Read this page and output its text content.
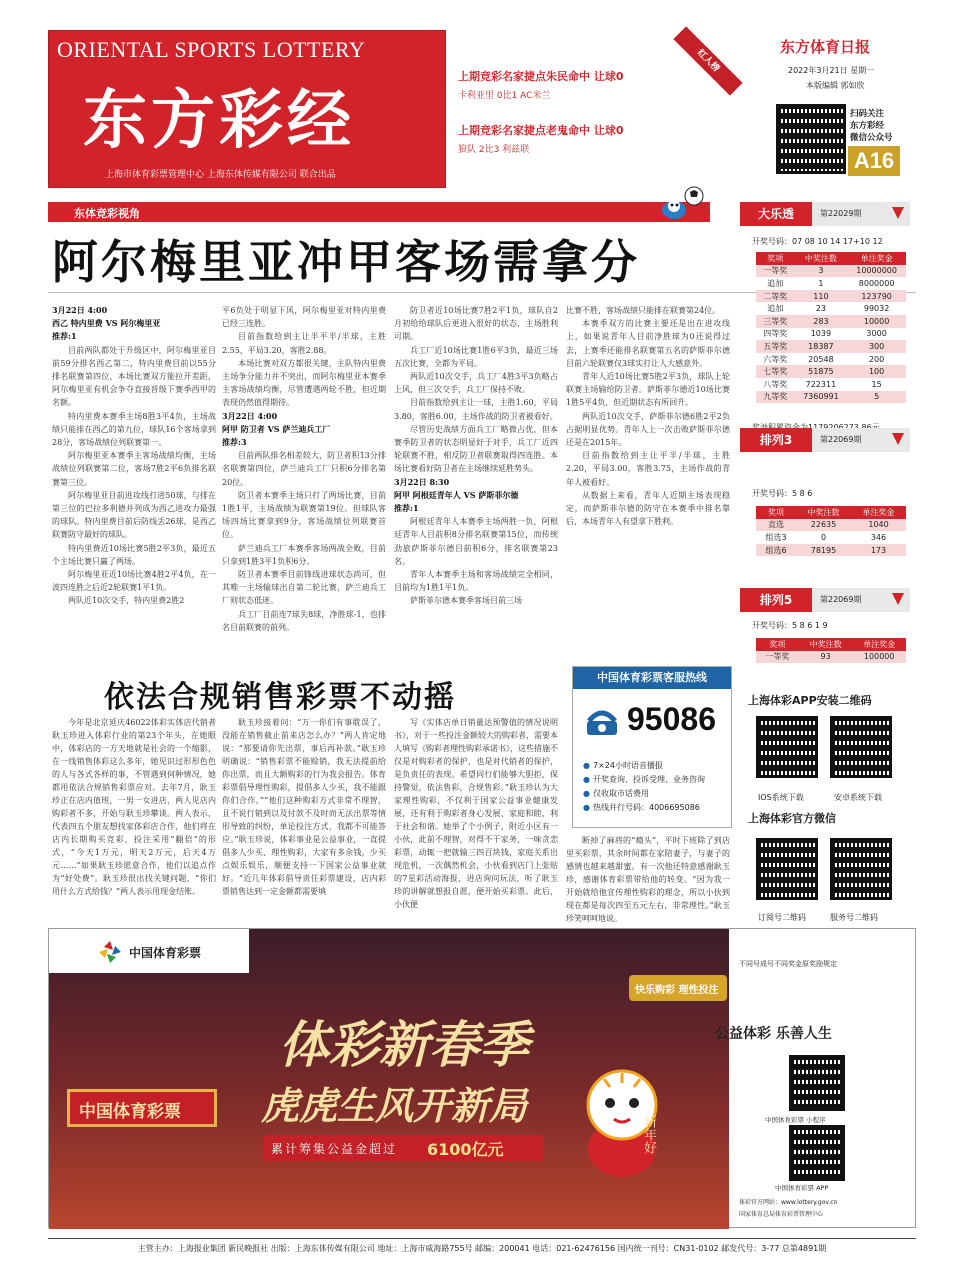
ORIENTAL SPORTS LOTTERY
东方彩经
上海市体育彩票管理中心 上海东体传媒有限公司 联合出品
上期竞彩名家捷点朱民命中 让球0
卡利亚里 0比1 AC米兰
上期竞彩名家捷点老鬼命中 让球0
狼队 2比3 利兹联
红人榜
东方体育日报
2022年3月21日 星期一
本版编辑 郭如欣
扫码关注
东方彩经
微信公众号
A16
东体竞彩视角
阿尔梅里亚冲甲客场需拿分

3月22日 4:00

西乙 特内里费 VS 阿尔梅里亚

推荐:1

目前两队都处于升级区中，阿尔梅里亚目前59分排名西乙第二，特内里费目前以55分排名联赛第四位，本场比赛双方能拉开差距，阿尔梅里亚有机会争夺直接晋级下赛季西甲的名额。

特内里费本赛季主场8胜3平4负，主场战绩只能排在西乙的第九位，球队16个客场拿到28分，客场战绩位列联赛第一。

阿尔梅里亚本赛季主客场战绩均衡，主场战绩位列联赛第二位，客场7胜2平6负排名联赛第三位。

阿尔梅里亚目前进攻线打进50球，与排在第三位的巴拉多利德并列成为西乙进攻力最强的球队。特内里费目前后防线丢26球，是西乙联赛防守最好的球队。

特内里费近10场比赛5胜2平3负，最近五个主场比赛只赢了两场。

阿尔梅里亚近10场比赛4胜2平4负，在一波四连胜之后近2轮联赛1平1负。

两队近10次交手，特内里费2胜2

平6负处于明显下风，阿尔梅里亚对特内里费已经三连胜。

目前指数给到主让半平半/半球，主胜2.55，平局3.20，客胜2.88。

本场比赛对双方都很关键，主队特内里费主场争分能力并不突出，而阿尔梅里亚本赛季主客场战绩均衡，尽管遭遇两轮不胜，但近期表现仍然值得期待。

3月22日 4:00

阿甲 防卫者 VS 萨兰迪兵工厂

推荐:3

目前两队排名相差较大，防卫者积13分排名联赛第四位，萨兰迪兵工厂只积6分排名第20位。

防卫者本赛季主场只打了两场比赛，目前1胜1平，主场战绩为联赛第19位。但球队客场四场比赛拿到9分，客场战绩位列联赛首位。

萨兰迪兵工厂本赛季客场两战全败，目前只拿到1胜3平1负积6分。

防卫者本赛季目前锋线进球状态尚可，但其唯一主场输球出自第二轮比赛，萨兰迪兵工厂则状态低迷。

兵工厂目前连7球失8球，净胜球-1，也排名目前联赛的前列。

防卫者近10场比赛7胜2平1负，球队自2月初给给球队后更进入很好的状态，主场胜利可期。

兵工厂近10场比赛1胜6平3负，最近三场五次比赛，全都为平局。

两队近10次交手，兵工厂4胜3平3负略占上风，但三次交手，兵工厂保持不败。

目前指数给到主让一球，主胜1.60，平局3.80，客胜6.00，主场作战的防卫者被看好。

尽管历史战绩方面兵工厂略微占优，但本赛季防卫者的状态明显好于对手，兵工厂近四轮联赛不胜，相反防卫者联赛取得四连胜。本场比赛看好防卫者在主场继续延胜势头。

3月22日 8:30

阿甲 阿根廷青年人 VS 萨斯菲尔德

推荐:1

阿根廷青年人本赛季主场两胜一负，阿根廷青年人目前积8分排名联赛第15位，而传统劲旅萨斯菲尔德目前积6分，排名联赛第23名。

青年人本赛季主场和客场战绩完全相同，目前均为1胜1平1负。

萨斯菲尔德本赛季客场目前三场

比赛不胜，客场战绩只能排在联赛第24位。

本赛季双方的比赛主要还是出在进攻线上，如果说青年人目前净胜球为0还说得过去，上赛季还能排名联赛第五名的萨斯菲尔德目前六轮联赛仅3球实打让人大感意外。

青年人近10场比赛5胜2平3负，球队上轮联赛主场输给防卫者。萨斯菲尔德近10场比赛1胜5平4负，但近期状态有所回升。

两队近10次交手，萨斯菲尔德6胜2平2负占据明显优势。青年人上一次击败萨斯菲尔德还是在2015年。

目前指数给到主让平半/半球，主胜2.20，平局3.00，客胜3.75，主场作战的青年人被看好。

从数据上来看，青年人近期主场表现稳定，而萨斯菲尔德的防守在本赛季中排名靠后，本场青年人有望拿下胜利。

大乐透	第22029期
开奖号码：07 08 10 14 17+10 12
奖项	中奖注数	单注奖金
一等奖	3	10000000
追加	1	8000000
二等奖	110	123790
追加	23	99032
三等奖	283	10000
四等奖	1039	3000
五等奖	18387	300
六等奖	20548	200
七等奖	51875	100
八等奖	722311	15
九等奖	7360991	5
排列3	第22069期
开奖号码：5 8 6
奖项	中奖注数	单注奖金
直选	22635	1040
组选3	0	346
组选6	78195	173
排列5	第22069期
开奖号码：5 8 6 1 9
奖项	中奖注数	单注奖金
一等奖	93	100000
依法合规销售彩票不动摇
今年是北京延庆46022体彩实体店代销者耿玉珍进入体彩行业的第23个年头，在她眼中，体彩店的一方天地就是社会的一个缩影，在一线销售体彩这么多年，她见识过形形色色的人与各式各样的事，不管遇到何种情况，她都用依法合规销售彩票应对。去年7月，耿玉珍正在店内值班，一男一女进店，两人见店内购彩者不多，开始与耿玉珍攀谈。两人表示，代表四五个朋友想找家体彩店合作，他们将在店内长期购买竞彩，投注采用“翻倍”的形式，“今天1万元，明天2万元，后天4万元……”如果耿玉珍愿意合作，他们以追点作为“好处费”。耿玉珍很出找关键问题，“你们用什么方式给钱？”两人表示用现金结账。
耿玉珍接着问：“万一你们有事耽误了，没能在销售截止前来店怎么办？”两人肯定地说：“那要请你先出票，事后再补款。”耿玉珍明确说：“销售彩票不能赊销，我无法提前给你出票，而且大额购彩的行为我会报告。体育彩票倡导理性购彩，提倡多人少买，我不能跟你们合作。”“他们这种购彩方式非常不理智，且不说行销到以及付款不及时而无法出票等情形导致的纠纷，单论投注方式，我都不可能答应。”耿玉珍说，体彩事业是公益事业，一直提倡多人少买、理性购彩，大家有多余钱，少买点娱乐娱乐，顺便支持一下国家公益事业就好。“近几年体彩倡导责任彩票建设，店内彩票销售达到一定金额都需要填
写《实体店单日销量达预警值的情况说明书》，对于一些投注金额较大的购彩者，需要本人填写《购彩者理性购彩承诺书》，这些措施不仅是对购彩者的保护，也是对代销者的保护，是负责任的表现。希望同行们能够大胆拒，保持警觉，依法售彩，合规售彩。”耿玉珍认为大家理性购彩，不仅利于国家公益事业健康发展，还有利于购彩者身心发展、家庭和睦，利于社会和谐。她举了个小例子，附近小区有一小伙，此前不理智，对得不干家务，一味贪恋彩票，动辄一把就输三四百块钱，家庭关系出现危机，一次偶然机会，小伙看到店门上张贴的7星彩活动海报，进店询问玩法，听了耿玉珍的讲解就想报自愿，便开始买彩票。此后，小伙便
断掉了麻将的“瘾头”，平时下班除了到店里买彩票，其余时间都在家陪妻子，与妻子的感情也越来越甜蜜。有一次他还特意感谢耿玉珍，感谢体育彩票带给他的转变。“因为我一开始就给他宣传理性购彩的理念，所以小伙到现在都是每次四至五元左右，非常理性。”耿玉珍笑呵呵地说。
中国体育彩票客服热线
95086
● 7×24小时语音播报
● 开奖查询、投诉受理、业务咨询
● 仅收取市话费用
● 热线并行号码：4006695086
上海体彩APP安装二维码
IOS系统下载	安卓系统下载
上海体彩官方微信
订阅号二维码	服务号二维码
中国体育彩票
体彩新春季
虎虎生风开新局
累计筹集公益金超过 6100亿元
中国体育彩票
快乐购彩 理性投注
新年好
不同号成号不同奖金原奖励规定
公益体彩 乐善人生
中国体育彩票 小程序
中国体育彩票 APP
体彩官方网站：www.lottery.gov.cn
国家体育总局体育彩票管理中心
主管主办：上海报业集团 新民晚报社 出版：上海东体传媒有限公司 地址：上海市威海路755号 邮编：200041 电话：021-62476156 国内统一刊号：CN31-0102 邮发代号：3-77 总第4891期
